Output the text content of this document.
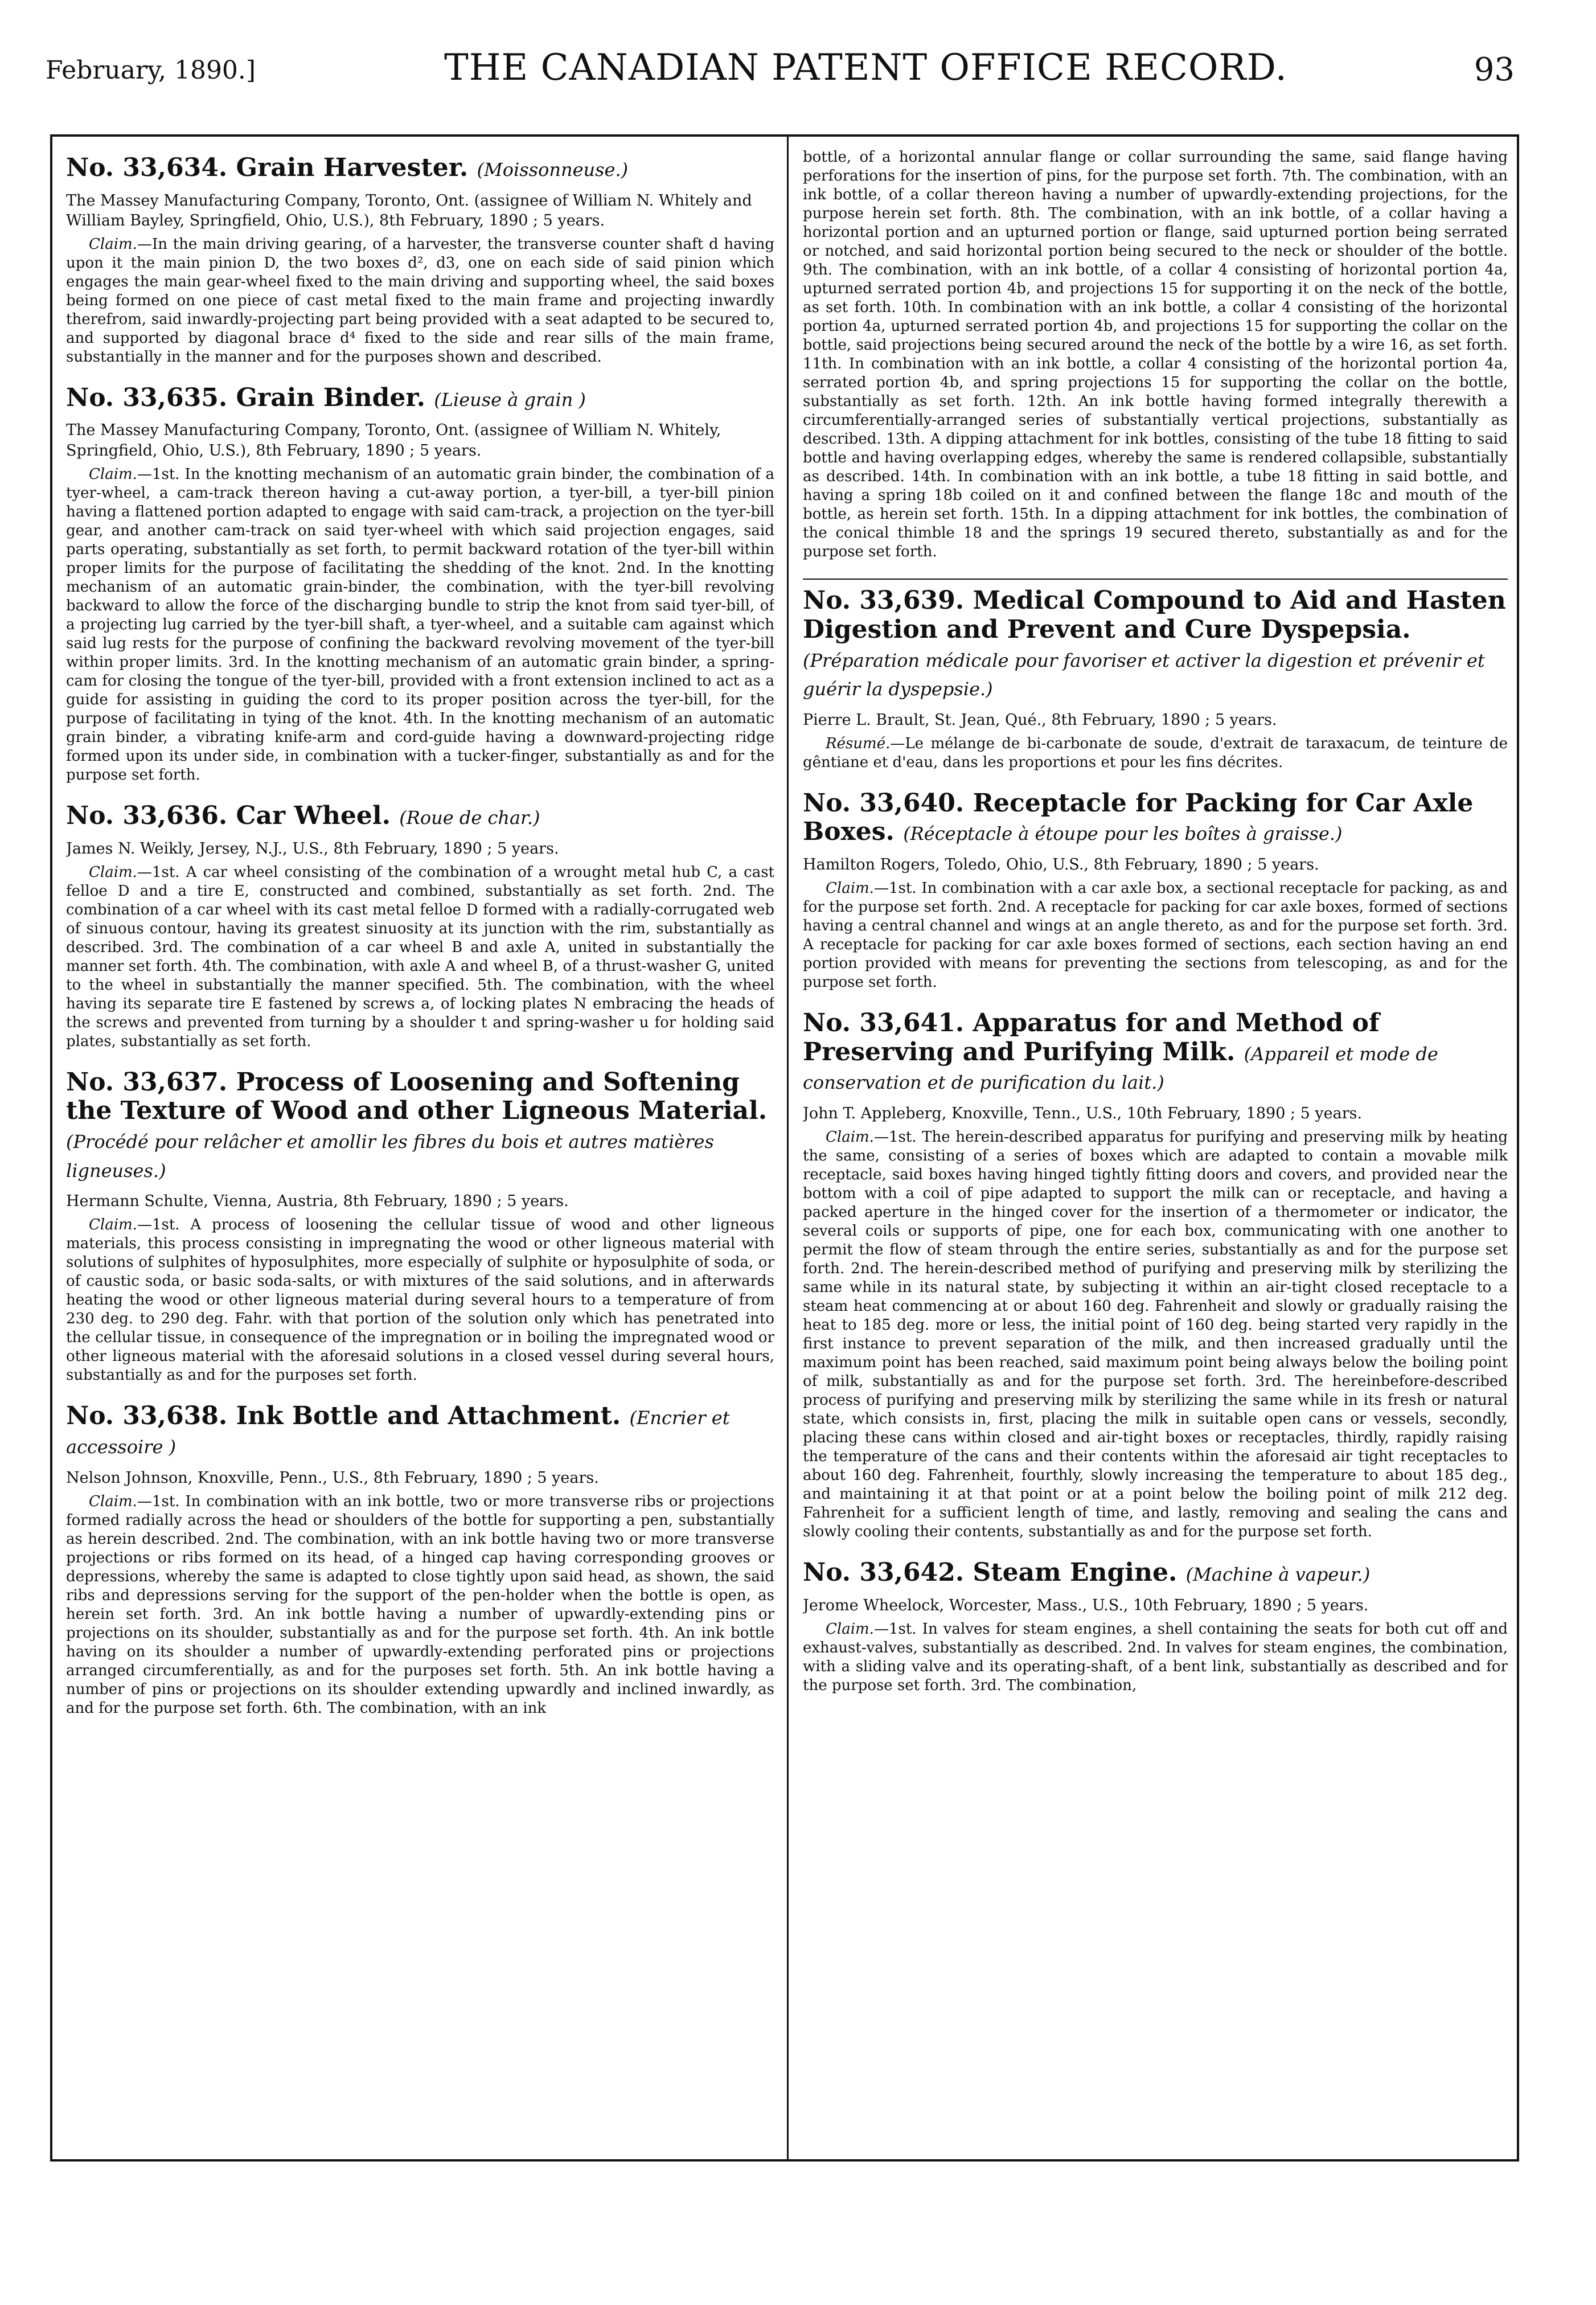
February, 1890.]	THE CANADIAN PATENT OFFICE RECORD.	93
No. 33,634. Grain Harvester. (Moissonneuse.)

The Massey Manufacturing Company, Toronto, Ont. (assignee of William N. Whitely and William Bayley, Springfield, Ohio, U.S.), 8th February, 1890 ; 5 years.

Claim.—In the main driving gearing, of a harvester, the transverse counter shaft d having upon it the main pinion D, the two boxes d², d3, one on each side of said pinion which engages the main gear-wheel fixed to the main driving and supporting wheel, the said boxes being formed on one piece of cast metal fixed to the main frame and projecting inwardly therefrom, said inwardly-projecting part being provided with a seat adapted to be secured to, and supported by diagonal brace d⁴ fixed to the side and rear sills of the main frame, substantially in the manner and for the purposes shown and described.

No. 33,635. Grain Binder. (Lieuse à grain )

The Massey Manufacturing Company, Toronto, Ont. (assignee of William N. Whitely, Springfield, Ohio, U.S.), 8th February, 1890 ; 5 years.

Claim.—1st. In the knotting mechanism of an automatic grain binder, the combination of a tyer-wheel, a cam-track thereon having a cut-away portion, a tyer-bill, a tyer-bill pinion having a flattened portion adapted to engage with said cam-track, a projection on the tyer-bill gear, and another cam-track on said tyer-wheel with which said projection engages, said parts operating, substantially as set forth, to permit backward rotation of the tyer-bill within proper limits for the purpose of facilitating the shedding of the knot. 2nd. In the knotting mechanism of an automatic grain-binder, the combination, with the tyer-bill revolving backward to allow the force of the discharging bundle to strip the knot from said tyer-bill, of a projecting lug carried by the tyer-bill shaft, a tyer-wheel, and a suitable cam against which said lug rests for the purpose of confining the backward revolving movement of the tyer-bill within proper limits. 3rd. In the knotting mechanism of an automatic grain binder, a spring-cam for closing the tongue of the tyer-bill, provided with a front extension inclined to act as a guide for assisting in guiding the cord to its proper position across the tyer-bill, for the purpose of facilitating in tying of the knot. 4th. In the knotting mechanism of an automatic grain binder, a vibrating knife-arm and cord-guide having a downward-projecting ridge formed upon its under side, in combination with a tucker-finger, substantially as and for the purpose set forth.

No. 33,636. Car Wheel. (Roue de char.)

James N. Weikly, Jersey, N.J., U.S., 8th February, 1890 ; 5 years.

Claim.—1st. A car wheel consisting of the combination of a wrought metal hub C, a cast felloe D and a tire E, constructed and combined, substantially as set forth. 2nd. The combination of a car wheel with its cast metal felloe D formed with a radially-corrugated web of sinuous contour, having its greatest sinuosity at its junction with the rim, substantially as described. 3rd. The combination of a car wheel B and axle A, united in substantially the manner set forth. 4th. The combination, with axle A and wheel B, of a thrust-washer G, united to the wheel in substantially the manner specified. 5th. The combination, with the wheel having its separate tire E fastened by screws a, of locking plates N embracing the heads of the screws and prevented from turning by a shoulder t and spring-washer u for holding said plates, substantially as set forth.

No. 33,637. Process of Loosening and Softening the Texture of Wood and other Ligneous Material. (Procédé pour relâcher et amollir les fibres du bois et autres matières ligneuses.)

Hermann Schulte, Vienna, Austria, 8th February, 1890 ; 5 years.

Claim.—1st. A process of loosening the cellular tissue of wood and other ligneous materials, this process consisting in impregnating the wood or other ligneous material with solutions of sulphites of hyposulphites, more especially of sulphite or hyposulphite of soda, or of caustic soda, or basic soda-salts, or with mixtures of the said solutions, and in afterwards heating the wood or other ligneous material during several hours to a temperature of from 230 deg. to 290 deg. Fahr. with that portion of the solution only which has penetrated into the cellular tissue, in consequence of the impregnation or in boiling the impregnated wood or other ligneous material with the aforesaid solutions in a closed vessel during several hours, substantially as and for the purposes set forth.

No. 33,638. Ink Bottle and Attachment. (Encrier et accessoire )

Nelson Johnson, Knoxville, Penn., U.S., 8th February, 1890 ; 5 years.

Claim.—1st. In combination with an ink bottle, two or more transverse ribs or projections formed radially across the head or shoulders of the bottle for supporting a pen, substantially as herein described. 2nd. The combination, with an ink bottle having two or more transverse projections or ribs formed on its head, of a hinged cap having corresponding grooves or depressions, whereby the same is adapted to close tightly upon said head, as shown, the said ribs and depressions serving for the support of the pen-holder when the bottle is open, as herein set forth. 3rd. An ink bottle having a number of upwardly-extending pins or projections on its shoulder, substantially as and for the purpose set forth. 4th. An ink bottle having on its shoulder a number of upwardly-extending perforated pins or projections arranged circumferentially, as and for the purposes set forth. 5th. An ink bottle having a number of pins or projections on its shoulder extending upwardly and inclined inwardly, as and for the purpose set forth. 6th. The combination, with an ink

bottle, of a horizontal annular flange or collar surrounding the same, said flange having perforations for the insertion of pins, for the purpose set forth. 7th. The combination, with an ink bottle, of a collar thereon having a number of upwardly-extending projections, for the purpose herein set forth. 8th. The combination, with an ink bottle, of a collar having a horizontal portion and an upturned portion or flange, said upturned portion being serrated or notched, and said horizontal portion being secured to the neck or shoulder of the bottle. 9th. The combination, with an ink bottle, of a collar 4 consisting of horizontal portion 4a, upturned serrated portion 4b, and projections 15 for supporting it on the neck of the bottle, as set forth. 10th. In combination with an ink bottle, a collar 4 consisting of the horizontal portion 4a, upturned serrated portion 4b, and projections 15 for supporting the collar on the bottle, said projections being secured around the neck of the bottle by a wire 16, as set forth. 11th. In combination with an ink bottle, a collar 4 consisting of the horizontal portion 4a, serrated portion 4b, and spring projections 15 for supporting the collar on the bottle, substantially as set forth. 12th. An ink bottle having formed integrally therewith a circumferentially-arranged series of substantially vertical projections, substantially as described. 13th. A dipping attachment for ink bottles, consisting of the tube 18 fitting to said bottle and having overlapping edges, whereby the same is rendered collapsible, substantially as described. 14th. In combination with an ink bottle, a tube 18 fitting in said bottle, and having a spring 18b coiled on it and confined between the flange 18c and mouth of the bottle, as herein set forth. 15th. In a dipping attachment for ink bottles, the combination of the conical thimble 18 and the springs 19 secured thereto, substantially as and for the purpose set forth.

No. 33,639. Medical Compound to Aid and Hasten Digestion and Prevent and Cure Dyspepsia. (Préparation médicale pour favoriser et activer la digestion et prévenir et guérir la dyspepsie.)

Pierre L. Brault, St. Jean, Qué., 8th February, 1890 ; 5 years.

Résumé.—Le mélange de bi-carbonate de soude, d'extrait de taraxacum, de teinture de gêntiane et d'eau, dans les proportions et pour les fins décrites.

No. 33,640. Receptacle for Packing for Car Axle Boxes. (Réceptacle à étoupe pour les boîtes à graisse.)

Hamilton Rogers, Toledo, Ohio, U.S., 8th February, 1890 ; 5 years.

Claim.—1st. In combination with a car axle box, a sectional receptacle for packing, as and for the purpose set forth. 2nd. A receptacle for packing for car axle boxes, formed of sections having a central channel and wings at an angle thereto, as and for the purpose set forth. 3rd. A receptacle for packing for car axle boxes formed of sections, each section having an end portion provided with means for preventing the sections from telescoping, as and for the purpose set forth.

No. 33,641. Apparatus for and Method of Preserving and Purifying Milk. (Appareil et mode de conservation et de purification du lait.)

John T. Appleberg, Knoxville, Tenn., U.S., 10th February, 1890 ; 5 years.

Claim.—1st. The herein-described apparatus for purifying and preserving milk by heating the same, consisting of a series of boxes which are adapted to contain a movable milk receptacle, said boxes having hinged tightly fitting doors and covers, and provided near the bottom with a coil of pipe adapted to support the milk can or receptacle, and having a packed aperture in the hinged cover for the insertion of a thermometer or indicator, the several coils or supports of pipe, one for each box, communicating with one another to permit the flow of steam through the entire series, substantially as and for the purpose set forth. 2nd. The herein-described method of purifying and preserving milk by sterilizing the same while in its natural state, by subjecting it within an air-tight closed receptacle to a steam heat commencing at or about 160 deg. Fahrenheit and slowly or gradually raising the heat to 185 deg. more or less, the initial point of 160 deg. being started very rapidly in the first instance to prevent separation of the milk, and then increased gradually until the maximum point has been reached, said maximum point being always below the boiling point of milk, substantially as and for the purpose set forth. 3rd. The hereinbefore-described process of purifying and preserving milk by sterilizing the same while in its fresh or natural state, which consists in, first, placing the milk in suitable open cans or vessels, secondly, placing these cans within closed and air-tight boxes or receptacles, thirdly, rapidly raising the temperature of the cans and their contents within the aforesaid air tight receptacles to about 160 deg. Fahrenheit, fourthly, slowly increasing the temperature to about 185 deg., and maintaining it at that point or at a point below the boiling point of milk 212 deg. Fahrenheit for a sufficient length of time, and lastly, removing and sealing the cans and slowly cooling their contents, substantially as and for the purpose set forth.

No. 33,642. Steam Engine. (Machine à vapeur.)

Jerome Wheelock, Worcester, Mass., U.S., 10th February, 1890 ; 5 years.

Claim.—1st. In valves for steam engines, a shell containing the seats for both cut off and exhaust-valves, substantially as described. 2nd. In valves for steam engines, the combination, with a sliding valve and its operating-shaft, of a bent link, substantially as described and for the purpose set forth. 3rd. The combination,
